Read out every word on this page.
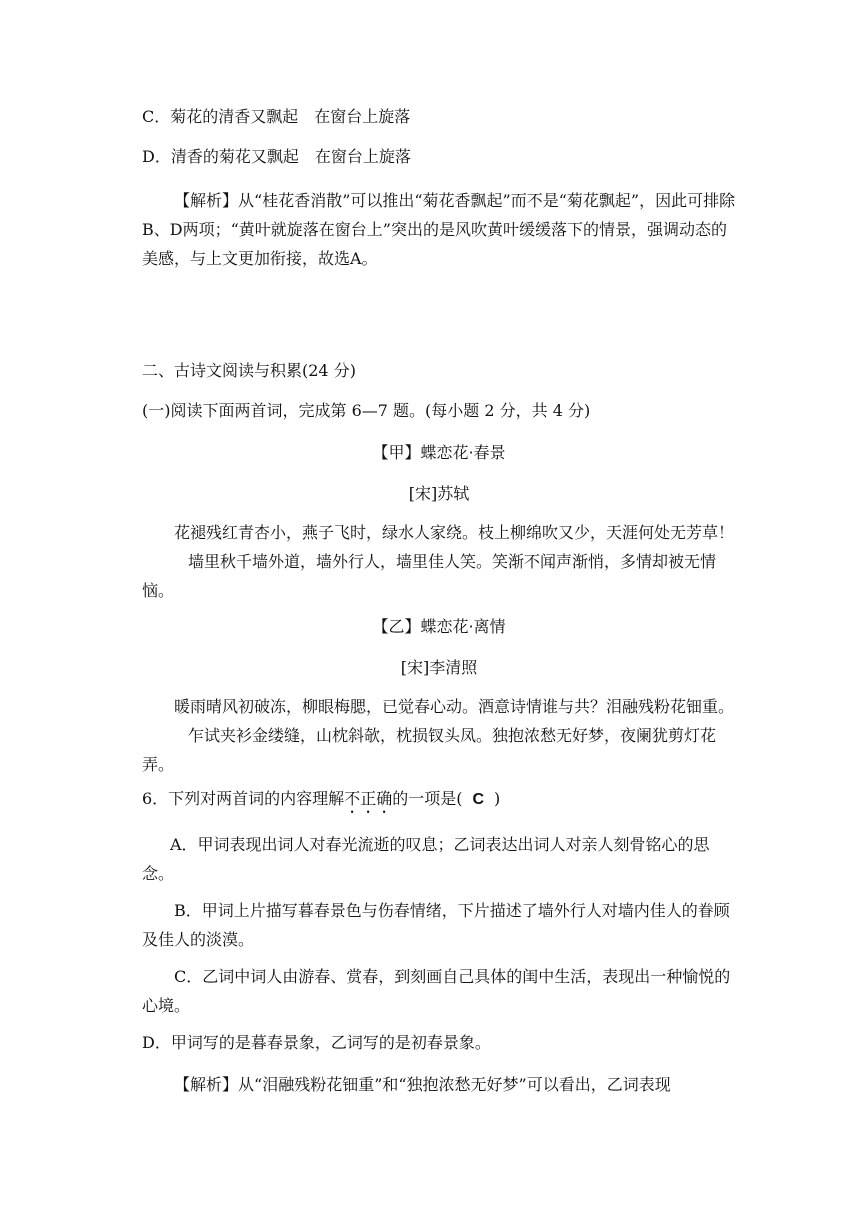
C．菊花的清香又飘起　在窗台上旋落
D．清香的菊花又飘起　在窗台上旋落

【解析】从“桂花香消散”可以推出“菊花香飘起”而不是“菊花飘起”，因此可排除B、D两项；“黄叶就旋落在窗台上”突出的是风吹黄叶缓缓落下的情景，强调动态的美感，与上文更加衔接，故选A。

二、古诗文阅读与积累(24 分)
(一)阅读下面两首词，完成第 6—7 题。(每小题 2 分，共 4 分)
【甲】蝶恋花·春景
[宋]苏轼

花褪残红青杏小，燕子飞时，绿水人家绕。枝上柳绵吹又少，天涯何处无芳草！墙里秋千墙外道，墙外行人，墙里佳人笑。笑渐不闻声渐悄，多情却被无情恼。

【乙】蝶恋花·离情
[宋]李清照

暖雨晴风初破冻，柳眼梅腮，已觉春心动。酒意诗情谁与共？泪融残粉花钿重。乍试夹衫金缕缝，山枕斜欹，枕损钗头凤。独抱浓愁无好梦，夜阑犹剪灯花弄。

6．下列对两首词的内容理解不正确的一项是( C )

A．甲词表现出词人对春光流逝的叹息；乙词表达出词人对亲人刻骨铭心的思念。

B．甲词上片描写暮春景色与伤春情绪，下片描述了墙外行人对墙内佳人的眷顾及佳人的淡漠。

C．乙词中词人由游春、赏春，到刻画自己具体的闺中生活，表现出一种愉悦的心境。

D．甲词写的是暮春景象，乙词写的是初春景象。

【解析】从“泪融残粉花钿重”和“独抱浓愁无好梦”可以看出，乙词表现
